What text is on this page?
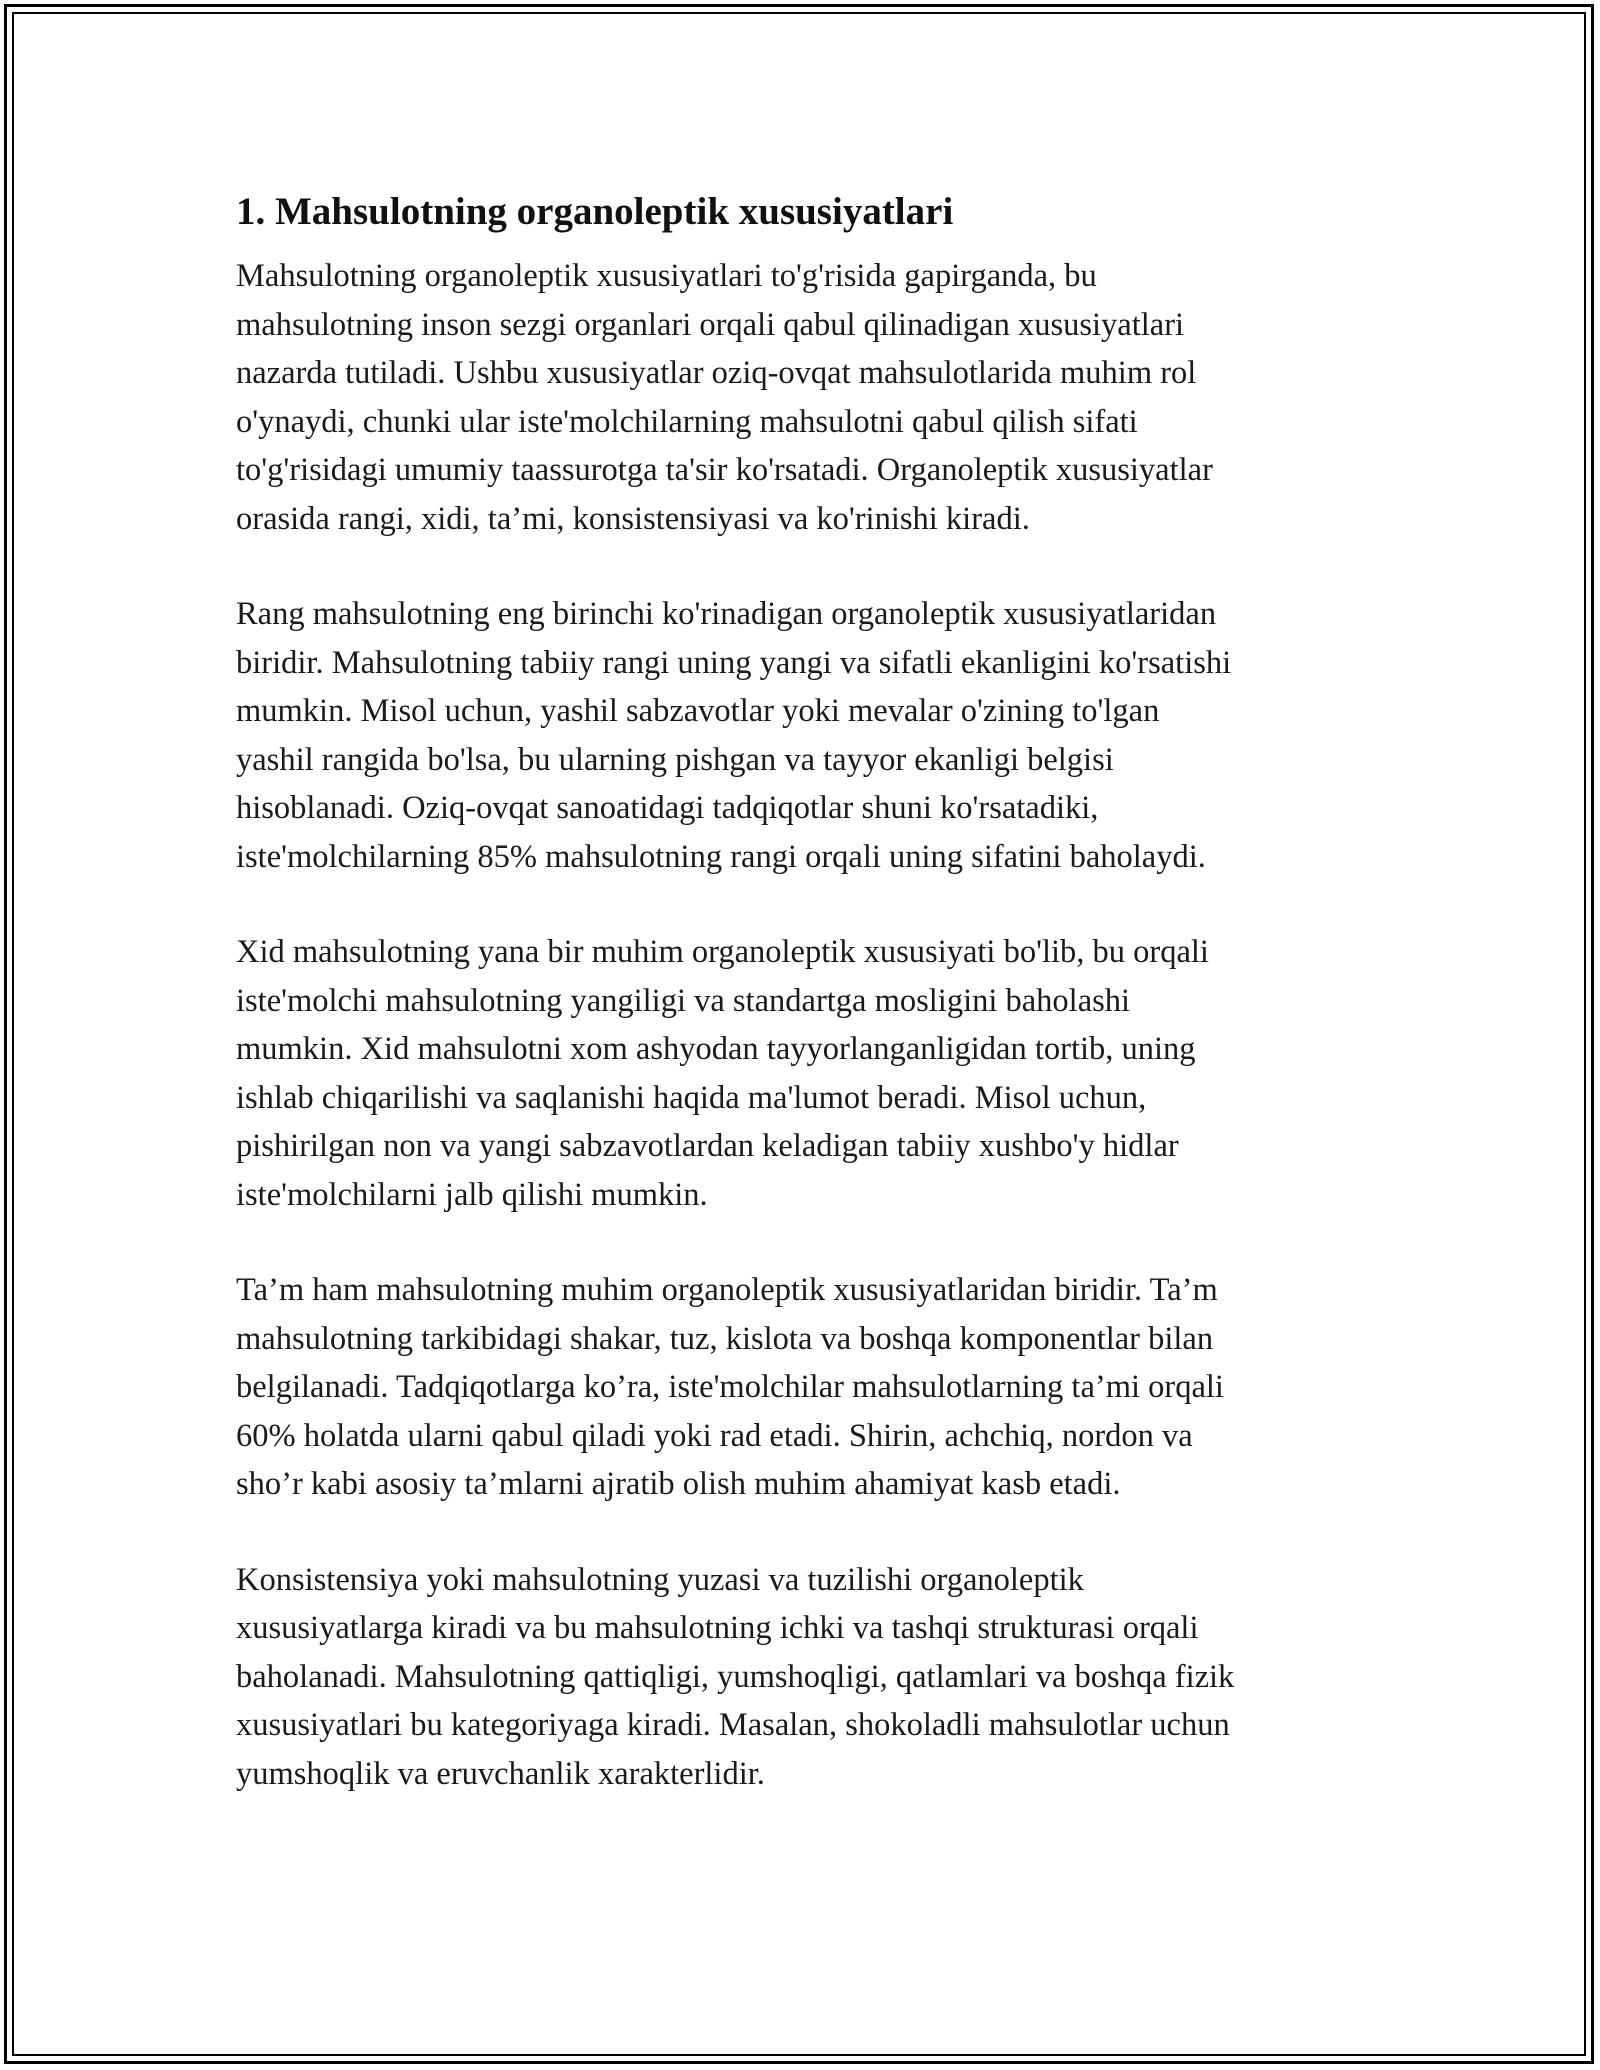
1. Mahsulotning organoleptik xususiyatlari
Mahsulotning organoleptik xususiyatlari to'g'risida gapirganda, bu
mahsulotning inson sezgi organlari orqali qabul qilinadigan xususiyatlari
nazarda tutiladi. Ushbu xususiyatlar oziq-ovqat mahsulotlarida muhim rol
o'ynaydi, chunki ular iste'molchilarning mahsulotni qabul qilish sifati
to'g'risidagi umumiy taassurotga ta'sir ko'rsatadi. Organoleptik xususiyatlar
orasida rangi, xidi, ta’mi, konsistensiyasi va ko'rinishi kiradi.
Rang mahsulotning eng birinchi ko'rinadigan organoleptik xususiyatlaridan
biridir. Mahsulotning tabiiy rangi uning yangi va sifatli ekanligini ko'rsatishi
mumkin. Misol uchun, yashil sabzavotlar yoki mevalar o'zining to'lgan
yashil rangida bo'lsa, bu ularning pishgan va tayyor ekanligi belgisi
hisoblanadi. Oziq-ovqat sanoatidagi tadqiqotlar shuni ko'rsatadiki,
iste'molchilarning 85% mahsulotning rangi orqali uning sifatini baholaydi.
Xid mahsulotning yana bir muhim organoleptik xususiyati bo'lib, bu orqali
iste'molchi mahsulotning yangiligi va standartga mosligini baholashi
mumkin. Xid mahsulotni xom ashyodan tayyorlanganligidan tortib, uning
ishlab chiqarilishi va saqlanishi haqida ma'lumot beradi. Misol uchun,
pishirilgan non va yangi sabzavotlardan keladigan tabiiy xushbo'y hidlar
iste'molchilarni jalb qilishi mumkin.
Ta’m ham mahsulotning muhim organoleptik xususiyatlaridan biridir. Ta’m
mahsulotning tarkibidagi shakar, tuz, kislota va boshqa komponentlar bilan
belgilanadi. Tadqiqotlarga ko’ra, iste'molchilar mahsulotlarning ta’mi orqali
60% holatda ularni qabul qiladi yoki rad etadi. Shirin, achchiq, nordon va
sho’r kabi asosiy ta’mlarni ajratib olish muhim ahamiyat kasb etadi.
Konsistensiya yoki mahsulotning yuzasi va tuzilishi organoleptik
xususiyatlarga kiradi va bu mahsulotning ichki va tashqi strukturasi orqali
baholanadi. Mahsulotning qattiqligi, yumshoqligi, qatlamlari va boshqa fizik
xususiyatlari bu kategoriyaga kiradi. Masalan, shokoladli mahsulotlar uchun
yumshoqlik va eruvchanlik xarakterlidir.
